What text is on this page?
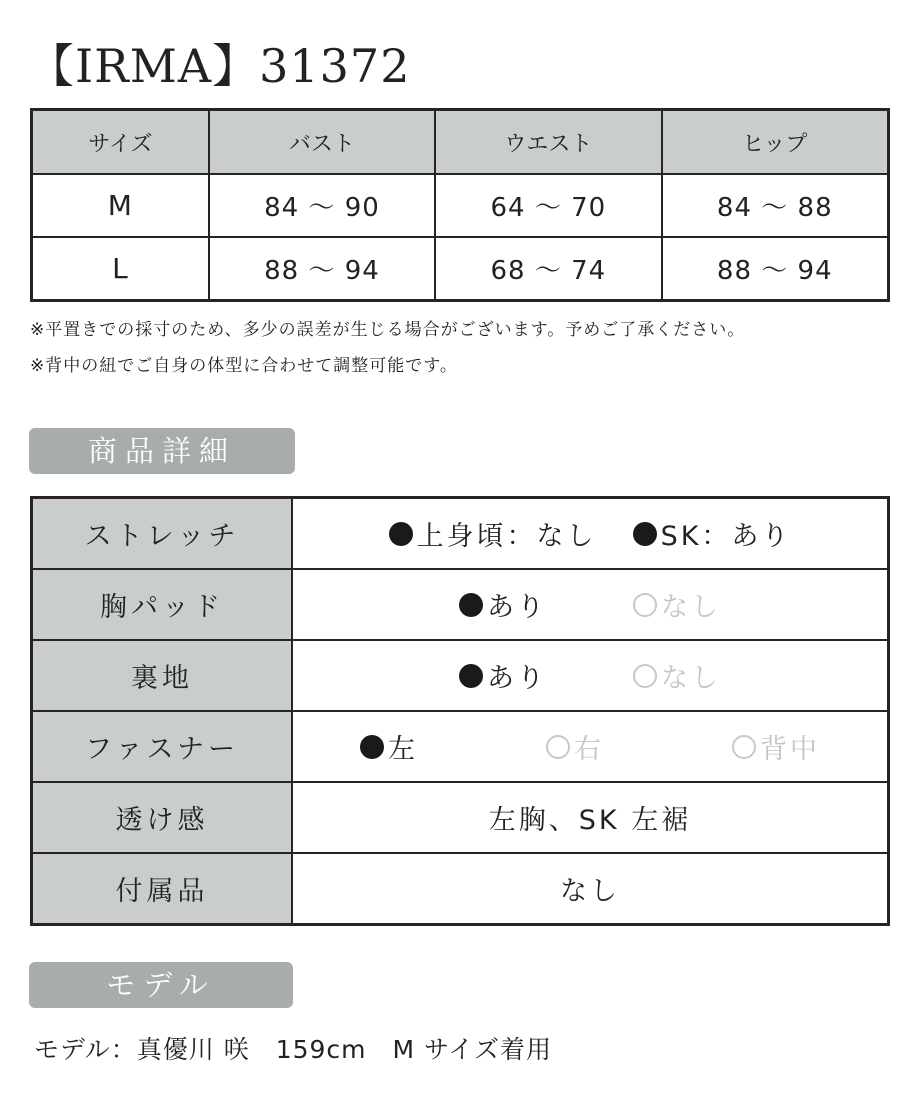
【IRMA】31372
サイズ	バスト	ウエスト	ヒップ
M	84 ～ 90	64 ～ 70	84 ～ 88
L	88 ～ 94	68 ～ 74	88 ～ 94
※平置きでの採寸のため、多少の誤差が生じる場合がございます。予めご了承ください。
※背中の紐でご自身の体型に合わせて調整可能です。
商品詳細
ストレッチ	上身頃：なし SK：あり

胸パッド	あり なし

裏地	あり なし

ファスナー	左 右 背中

透け感	左胸、SK 左裾
付属品	なし
モデル
モデル：真優川 咲　159cm　M サイズ着用
